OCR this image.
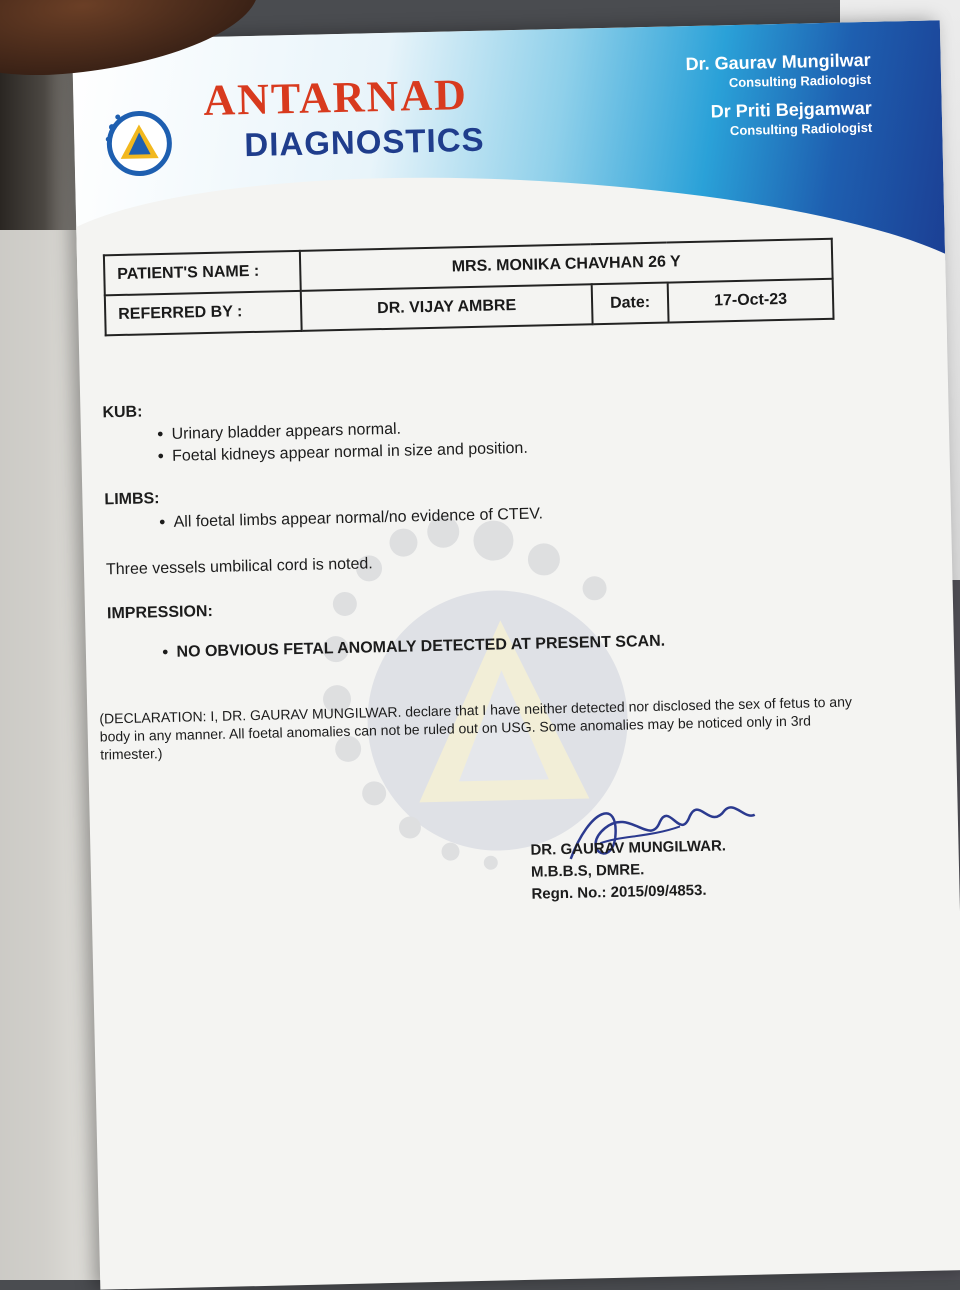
ANTARNAD
DIAGNOSTICS
Dr. Gaurav Mungilwar
Consulting Radiologist
Dr Priti Bejgamwar
Consulting Radiologist
PATIENT'S NAME :	MRS. MONIKA CHAVHAN 26 Y		
REFERRED BY :	DR. VIJAY AMBRE	Date:	17-Oct-23
KUB:
● Urinary bladder appears normal.
● Foetal kidneys appear normal in size and position.
LIMBS:
● All foetal limbs appear normal/no evidence of CTEV.
Three vessels umbilical cord is noted.
IMPRESSION:
● NO OBVIOUS FETAL ANOMALY DETECTED AT PRESENT SCAN.
(DECLARATION: I, DR. GAURAV MUNGILWAR. declare that I have neither detected nor disclosed the sex of fetus to any body in any manner. All foetal anomalies can not be ruled out on USG. Some anomalies may be noticed only in 3rd trimester.)
DR. GAURAV MUNGILWAR.
M.B.B.S, DMRE.
Regn. No.: 2015/09/4853.
